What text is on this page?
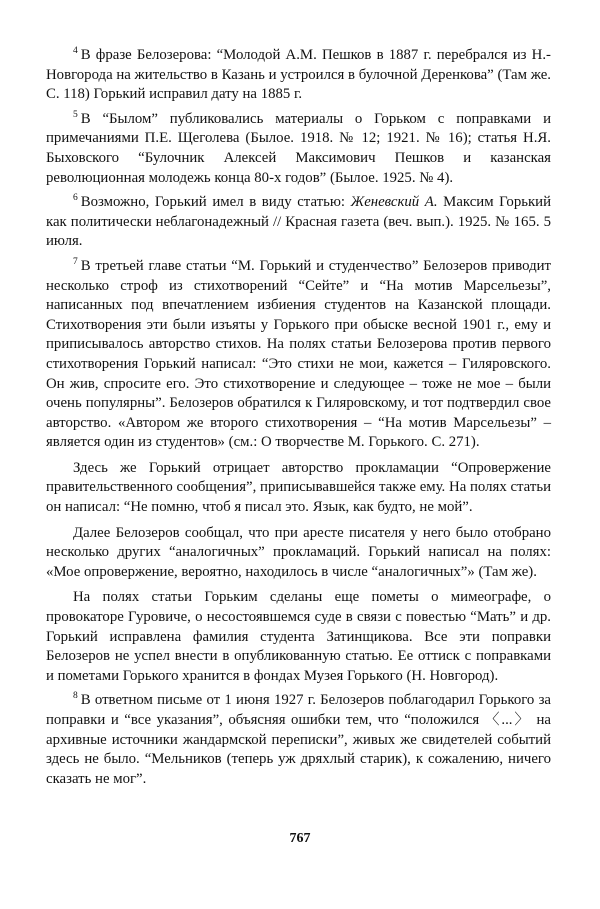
$^4$ В фразе Белозерова: “Молодой А.М. Пешков в 1887 г. перебрался из Н.-Новгорода на жительство в Казань и устроился в булочной Деренкова” (Там же. С. 118) Горький исправил дату на 1885 г.

$^5$ В “Былом” публиковались материалы о Горьком с поправками и примечаниями П.Е. Щеголева (Былое. 1918. № 12; 1921. № 16); статья Н.Я. Быховского “Булочник Алексей Максимович Пешков и казанская революционная молодежь конца 80-х годов” (Былое. 1925. № 4).

$^6$ Возможно, Горький имел в виду статью: Женевский А. Максим Горький как политически неблагонадежный // Красная газета (веч. вып.). 1925. № 165. 5 июля.

$^7$ В третьей главе статьи “М. Горький и студенчество” Белозеров приводит несколько строф из стихотворений “Сейте” и “На мотив Марсельезы”, написанных под впечатлением избиения студентов на Казанской площади. Стихотворения эти были изъяты у Горького при обыске весной 1901 г., ему и приписывалось авторство стихов. На полях статьи Белозерова против первого стихотворения Горький написал: “Это стихи не мои, кажется – Гиляровского. Он жив, спросите его. Это стихотворение и следующее – тоже не мое – были очень популярны”. Белозеров обратился к Гиляровскому, и тот подтвердил свое авторство. «Автором же второго стихотворения – “На мотив Марсельезы” – является один из студентов» (см.: О творчестве М. Горького. С. 271).

Здесь же Горький отрицает авторство прокламации “Опровержение правительственного сообщения”, приписывавшейся также ему. На полях статьи он написал: “Не помню, чтоб я писал это. Язык, как будто, не мой”.

Далее Белозеров сообщал, что при аресте писателя у него было отобрано несколько других “аналогичных” прокламаций. Горький написал на полях: «Мое опровержение, вероятно, находилось в числе “аналогичных”» (Там же).

На полях статьи Горьким сделаны еще пометы о мимеографе, о провокаторе Гуровиче, о несостоявшемся суде в связи с повестью “Мать” и др. Горький исправлена фамилия студента Затинщикова. Все эти поправки Белозеров не успел внести в опубликованную статью. Ее оттиск с поправками и пометами Горького хранится в фондах Музея Горького (Н. Новгород).

$^8$ В ответном письме от 1 июня 1927 г. Белозеров поблагодарил Горького за поправки и “все указания”, объясняя ошибки тем, что “положился 〈...〉 на архивные источники жандармской переписки”, живых же свидетелей событий здесь не было. “Мельников (теперь уж дряхлый старик), к сожалению, ничего сказать не мог”.

767
